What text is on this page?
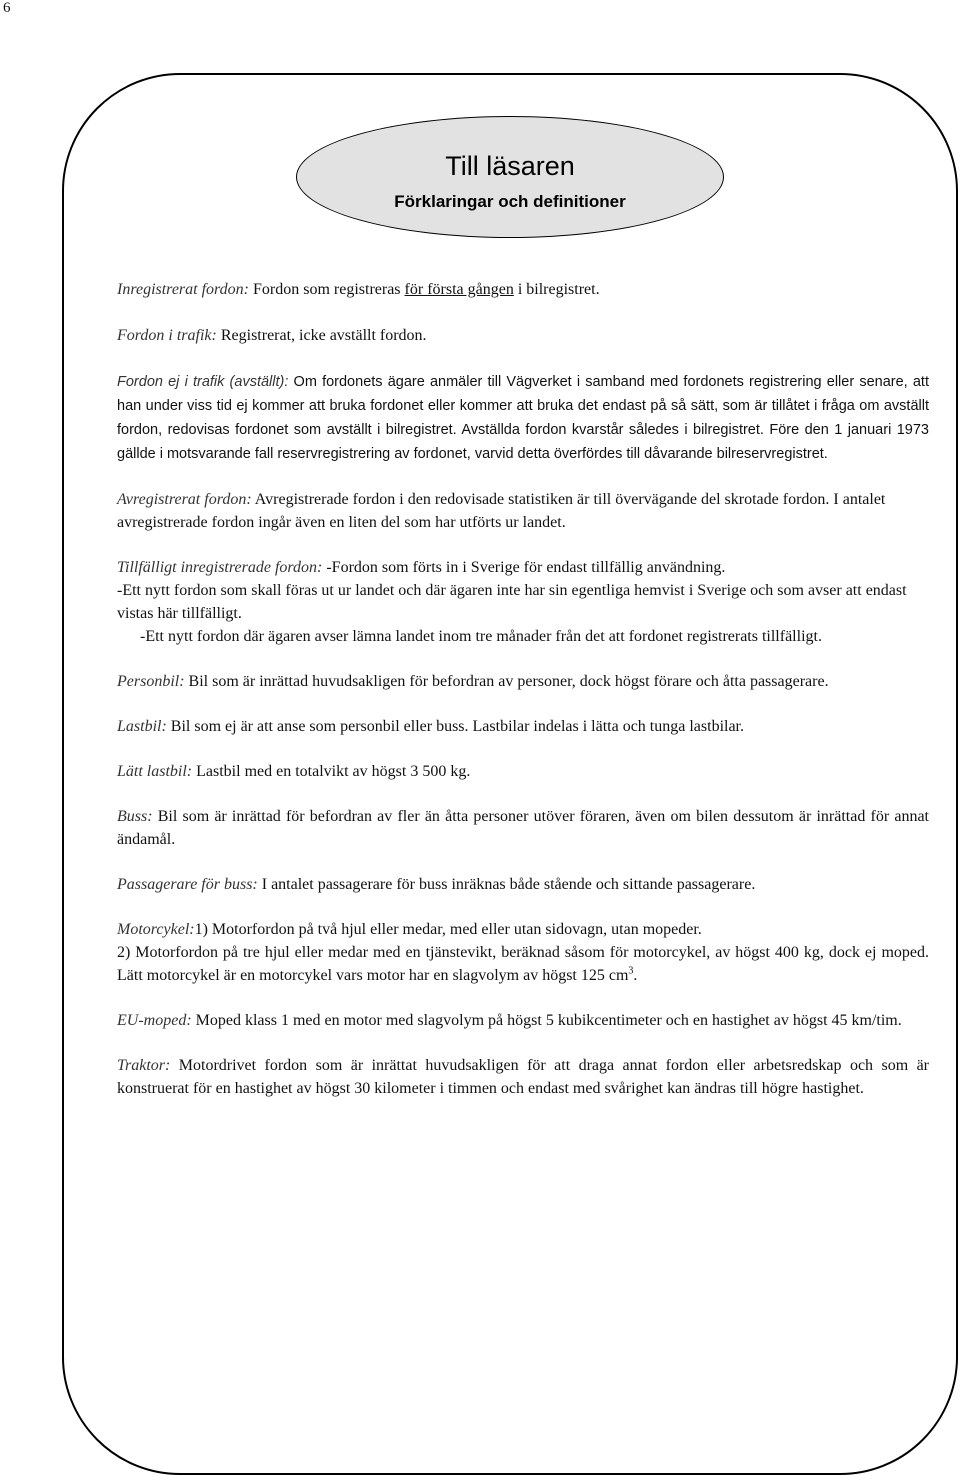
6
Till läsaren
Förklaringar och definitioner

Inregistrerat fordon: Fordon som registreras för första gången i bilregistret.

Fordon i trafik: Registrerat, icke avställt fordon.

Fordon ej i trafik (avställt): Om fordonets ägare anmäler till Vägverket i samband med fordonets registrering eller senare, att han under viss tid ej kommer att bruka fordonet eller kommer att bruka det endast på så sätt, som är tillåtet i fråga om avställt fordon, redovisas fordonet som avställt i bilregistret. Avställda fordon kvarstår således i bilregistret. Före den 1 januari 1973 gällde i motsvarande fall reservregistrering av fordonet, varvid detta överfördes till dåvarande bilreservregistret.

Avregistrerat fordon: Avregistrerade fordon i den redovisade statistiken är till övervägande del skrotade fordon. I antalet avregistrerade fordon ingår även en liten del som har utförts ur landet.

Tillfälligt inregistrerade fordon: -Fordon som förts in i Sverige för endast tillfällig användning.
-Ett nytt fordon som skall föras ut ur landet och där ägaren inte har sin egentliga hemvist i Sverige och som avser att endast vistas här tillfälligt.
-Ett nytt fordon där ägaren avser lämna landet inom tre månader från det att fordonet registrerats tillfälligt.

Personbil: Bil som är inrättad huvudsakligen för befordran av personer, dock högst förare och åtta passagerare.

Lastbil: Bil som ej är att anse som personbil eller buss. Lastbilar indelas i lätta och tunga lastbilar.

Lätt lastbil: Lastbil med en totalvikt av högst 3 500 kg.

Buss: Bil som är inrättad för befordran av fler än åtta personer utöver föraren, även om bilen dessutom är inrättad för annat ändamål.

Passagerare för buss: I antalet passagerare för buss inräknas både stående och sittande passagerare.

Motorcykel:1) Motorfordon på två hjul eller medar, med eller utan sidovagn, utan mopeder.
2) Motorfordon på tre hjul eller medar med en tjänstevikt, beräknad såsom för motorcykel, av högst 400 kg, dock ej moped. Lätt motorcykel är en motorcykel vars motor har en slagvolym av högst 125 $cm^3$.

EU-moped: Moped klass 1 med en motor med slagvolym på högst 5 kubikcentimeter och en hastighet av högst 45 km/tim.

Traktor: Motordrivet fordon som är inrättat huvudsakligen för att draga annat fordon eller arbetsredskap och som är konstruerat för en hastighet av högst 30 kilometer i timmen och endast med svårighet kan ändras till högre hastighet.
